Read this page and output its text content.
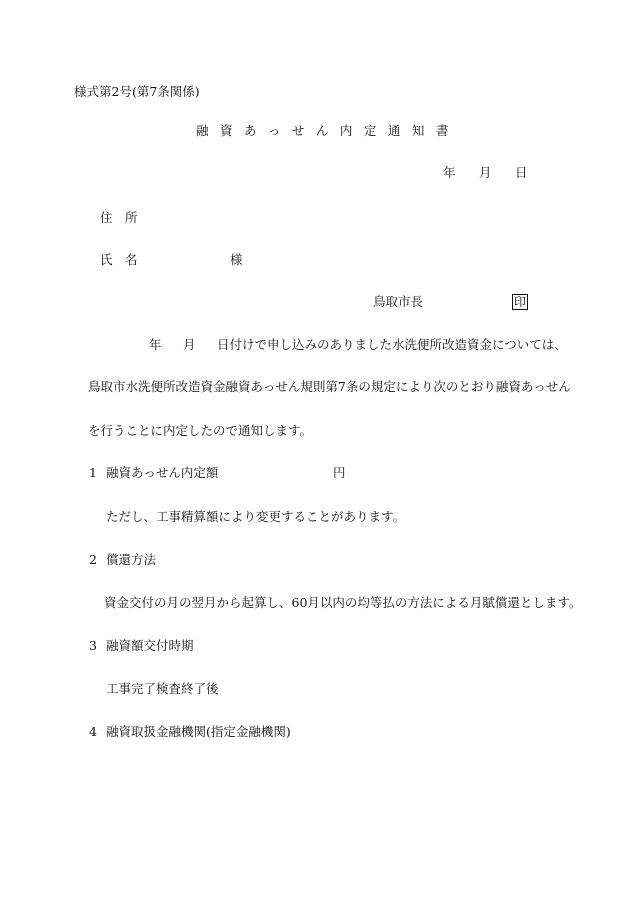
様式第2号(第7条関係)
融資あっせん内定通知書
年 月 日
住　所
氏　名	様
鳥取市長	印
年 月 日付けで申し込みのありました水洗便所改造資金については、
鳥取市水洗便所改造資金融資あっせん規則第7条の規定により次のとおり融資あっせん
を行うことに内定したので通知します。
1 融資あっせん内定額	円
ただし、工事精算額により変更することがあります。
2 償還方法
資金交付の月の翌月から起算し、60月以内の均等払の方法による月賦償還とします。
3 融資額交付時期
工事完了検査終了後
4 融資取扱金融機関(指定金融機関)
